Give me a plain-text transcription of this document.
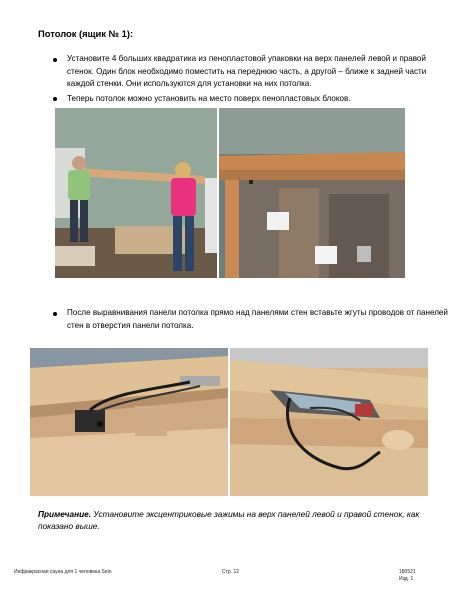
Потолок (ящик № 1):
Установите 4 больших квадратика из пенопластовой упаковки на верх панелей левой и правой стенок. Один блок необходимо поместить на переднюю часть, а другой – ближе к задней части каждой стенки. Они используются для установки на них потолка.
Теперь потолок можно установить на место поверх пенопластовых блоков.
После выравнивания панели потолка прямо над панелями стен вставьте жгуты проводов от панелей стен в отверстия панели потолка.
Примечание. Установите эксцентриковые зажимы на верх панелей левой и правой стенок, как показано выше.
Инфракрасная сауна для 1 человека Sein	Стр. 12	180521
Изд. 1
